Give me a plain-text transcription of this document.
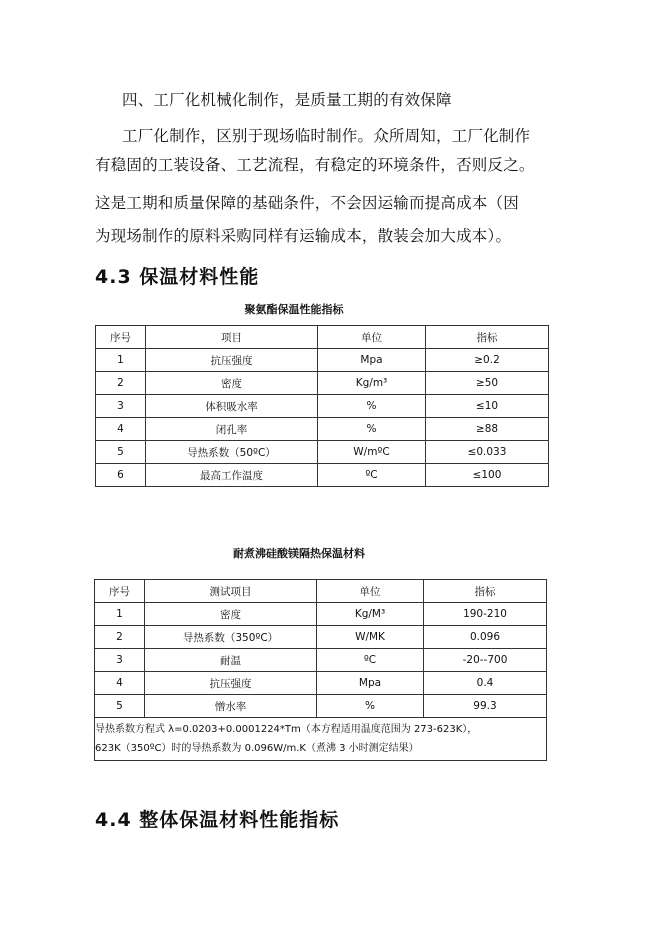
四、工厂化机械化制作，是质量工期的有效保障
工厂化制作，区别于现场临时制作。众所周知，工厂化制作
有稳固的工装设备、工艺流程，有稳定的环境条件，否则反之。
这是工期和质量保障的基础条件，不会因运输而提高成本（因
为现场制作的原料采购同样有运输成本，散装会加大成本）。
4.3 保温材料性能
聚氨酯保温性能指标
序号	项目	单位	指标
1	抗压强度	Mpa	≥0.2
2	密度	Kg/m³	≥50
3	体积吸水率	%	≤10
4	闭孔率	%	≥88
5	导热系数（50ºC）	W/mºC	≤0.033
6	最高工作温度	ºC	≤100
耐煮沸硅酸镁隔热保温材料
序号	测试项目	单位	指标
1	密度	Kg/M³	190-210
2	导热系数（350ºC）	W/MK	0.096
3	耐温	ºC	-20--700
4	抗压强度	Mpa	0.4
5	憎水率	%	99.3

导热系数方程式 λ=0.0203+0.0001224*Tm（本方程适用温度范围为 273-623K），
623K（350ºC）时的导热系数为 0.096W/m.K（煮沸 3 小时测定结果）			
4.4 整体保温材料性能指标
